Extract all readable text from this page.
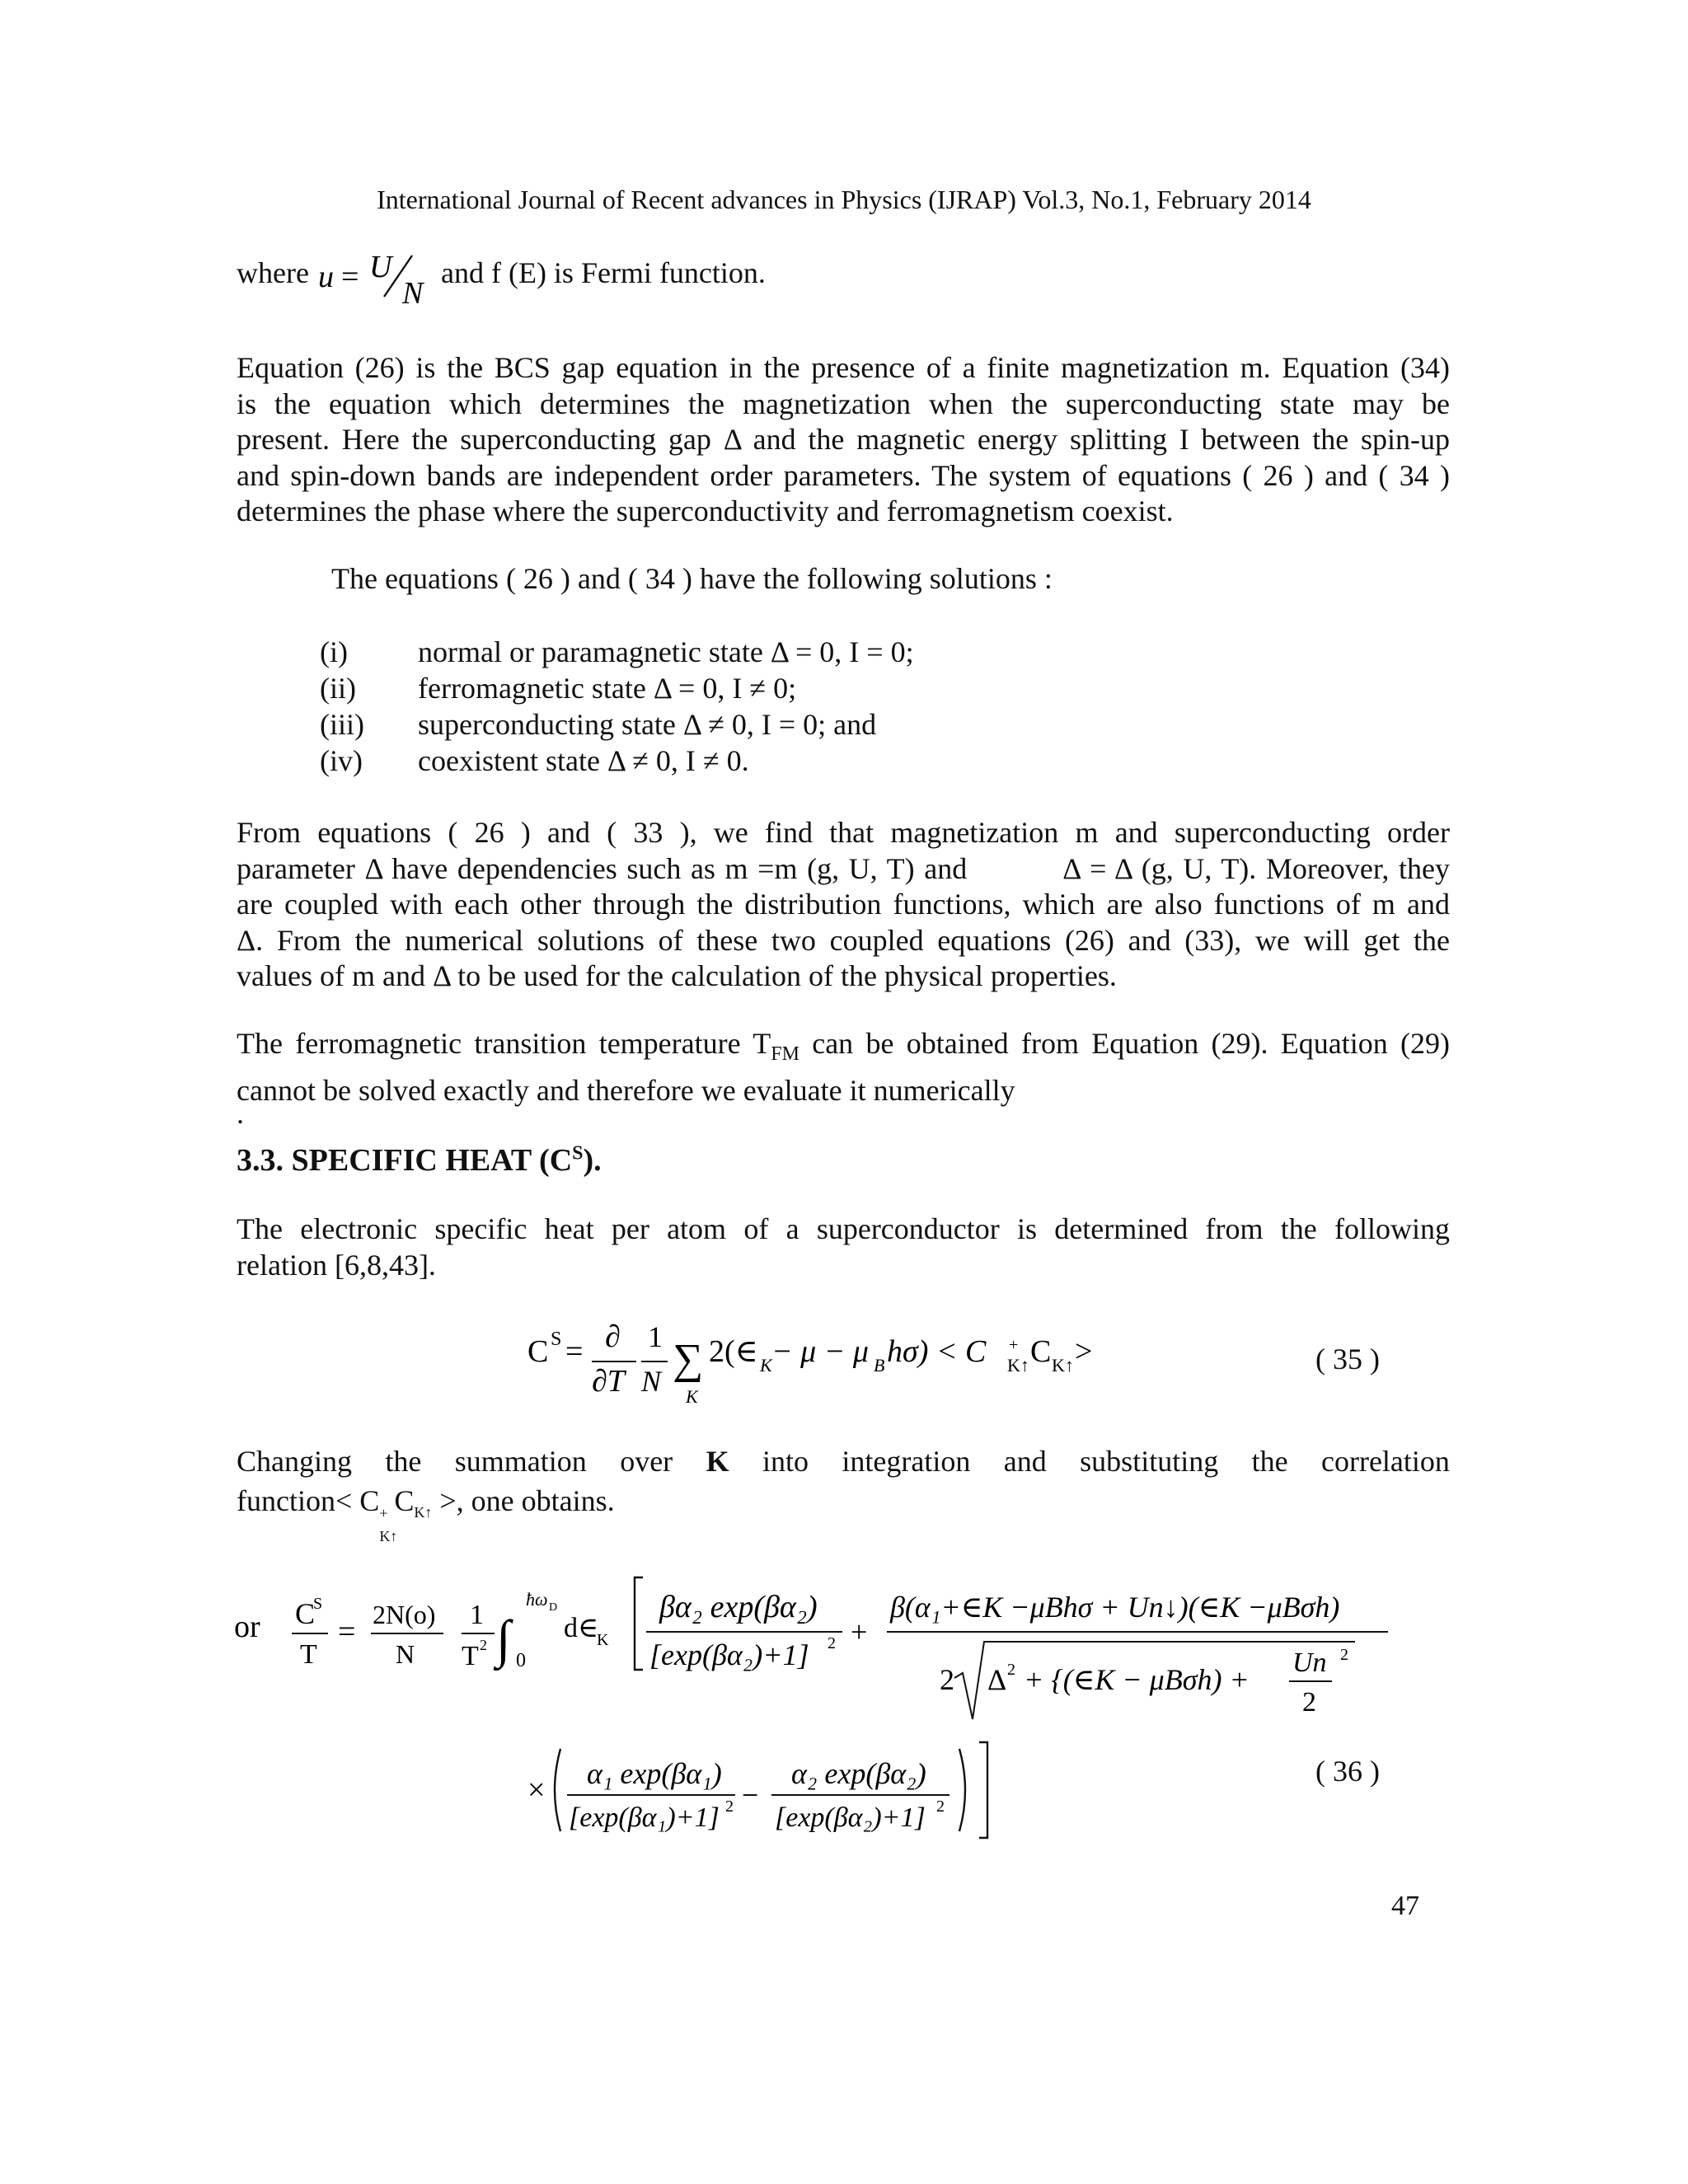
International Journal of Recent advances in Physics (IJRAP) Vol.3, No.1, February 2014
where u = U
N
and f (E) is Fermi function.
Equation (26) is the BCS gap equation in the presence of a finite magnetization m. Equation (34)
is the equation which determines the magnetization when the superconducting state may be
present. Here the superconducting gap Δ and the magnetic energy splitting I between the spin-up
and spin-down bands are independent order parameters. The system of equations ( 26 ) and ( 34 )
determines the phase where the superconductivity and ferromagnetism coexist.
The equations ( 26 ) and ( 34 ) have the following solutions :
(i) normal or paramagnetic state Δ = 0, I = 0;
(ii) ferromagnetic state Δ = 0, I ≠ 0;
(iii) superconducting state Δ ≠ 0, I = 0; and
(iv) coexistent state Δ ≠ 0, I ≠ 0.
From equations ( 26 ) and ( 33 ), we find that magnetization m and superconducting order
parameter Δ have dependencies such as m =m (g, U, T) and          Δ = Δ (g, U, T). Moreover, they
are coupled with each other through the distribution functions, which are also functions of m and
Δ. From the numerical solutions of these two coupled equations (26) and (33), we will get the
values of m and Δ to be used for the calculation of the physical properties.
The ferromagnetic transition temperature $T_{FM}$ can be obtained from Equation (29). Equation (29)
cannot be solved exactly and therefore we evaluate it numerically
.
3.3. SPECIFIC HEAT $(C^S)$.
The electronic specific heat per atom of a superconductor is determined from the following
relation [6,8,43].
C S = ∂
∂T
1
N ∑
K
2(∈ K − μ − μ B hσ) < C +
K↑ C K↑ >	( 35 )
Changing the summation over K into integration and substituting the correlation
function< C +
K↑
$C_{K↑}$ >, one obtains.
or C
S
T
= 2N(o)
N
1
T 2 ∫
ħω D
0
d∈
K
βα₂ exp(βα₂)
[exp(βα₂)+1] 2 +
β(α₁+∈K −μBhσ + Un↓)(∈K −μBσh)
2 Δ 2 + {(∈K − μBσh) +
Un
2
2
× α₁ exp(βα₁)
[exp(βα₁)+1] 2 −
α₂ exp(βα₂)
[exp(βα₂)+1] 2
( 36 )
47
